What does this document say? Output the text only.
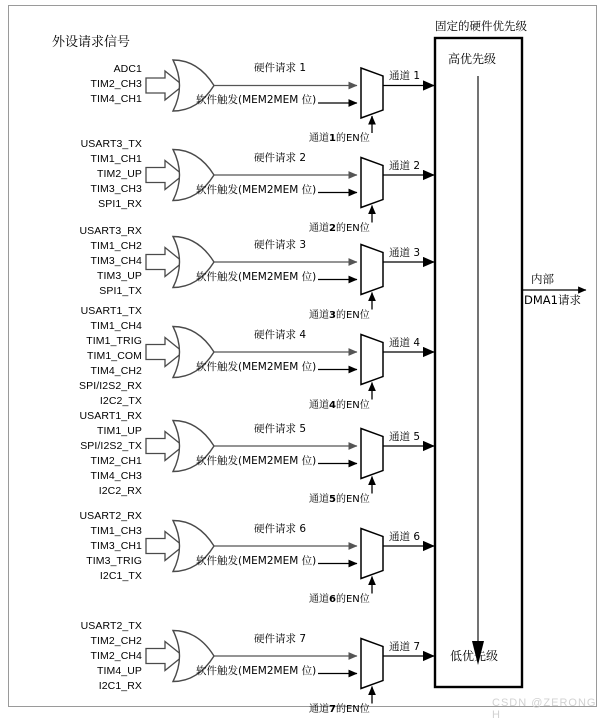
外设请求信号
固定的硬件优先级
高优先级
低优先级
内部
DMA1请求
ADC1
TIM2_CH3
TIM4_CH1
硬件请求 1
软件触发(MEM2MEM 位)
通道 1
通道1的EN位
USART3_TX
TIM1_CH1
TIM2_UP
TIM3_CH3
SPI1_RX
硬件请求 2
软件触发(MEM2MEM 位)
通道 2
通道2的EN位
USART3_RX
TIM1_CH2
TIM3_CH4
TIM3_UP
SPI1_TX
硬件请求 3
软件触发(MEM2MEM 位)
通道 3
通道3的EN位
USART1_TX
TIM1_CH4
TIM1_TRIG
TIM1_COM
TIM4_CH2
SPI/I2S2_RX
I2C2_TX
硬件请求 4
软件触发(MEM2MEM 位)
通道 4
通道4的EN位
USART1_RX
TIM1_UP
SPI/I2S2_TX
TIM2_CH1
TIM4_CH3
I2C2_RX
硬件请求 5
软件触发(MEM2MEM 位)
通道 5
通道5的EN位
USART2_RX
TIM1_CH3
TIM3_CH1
TIM3_TRIG
I2C1_TX
硬件请求 6
软件触发(MEM2MEM 位)
通道 6
通道6的EN位
USART2_TX
TIM2_CH2
TIM2_CH4
TIM4_UP
I2C1_RX
硬件请求 7
软件触发(MEM2MEM 位)
通道 7
通道7的EN位
CSDN @ZERONG H
